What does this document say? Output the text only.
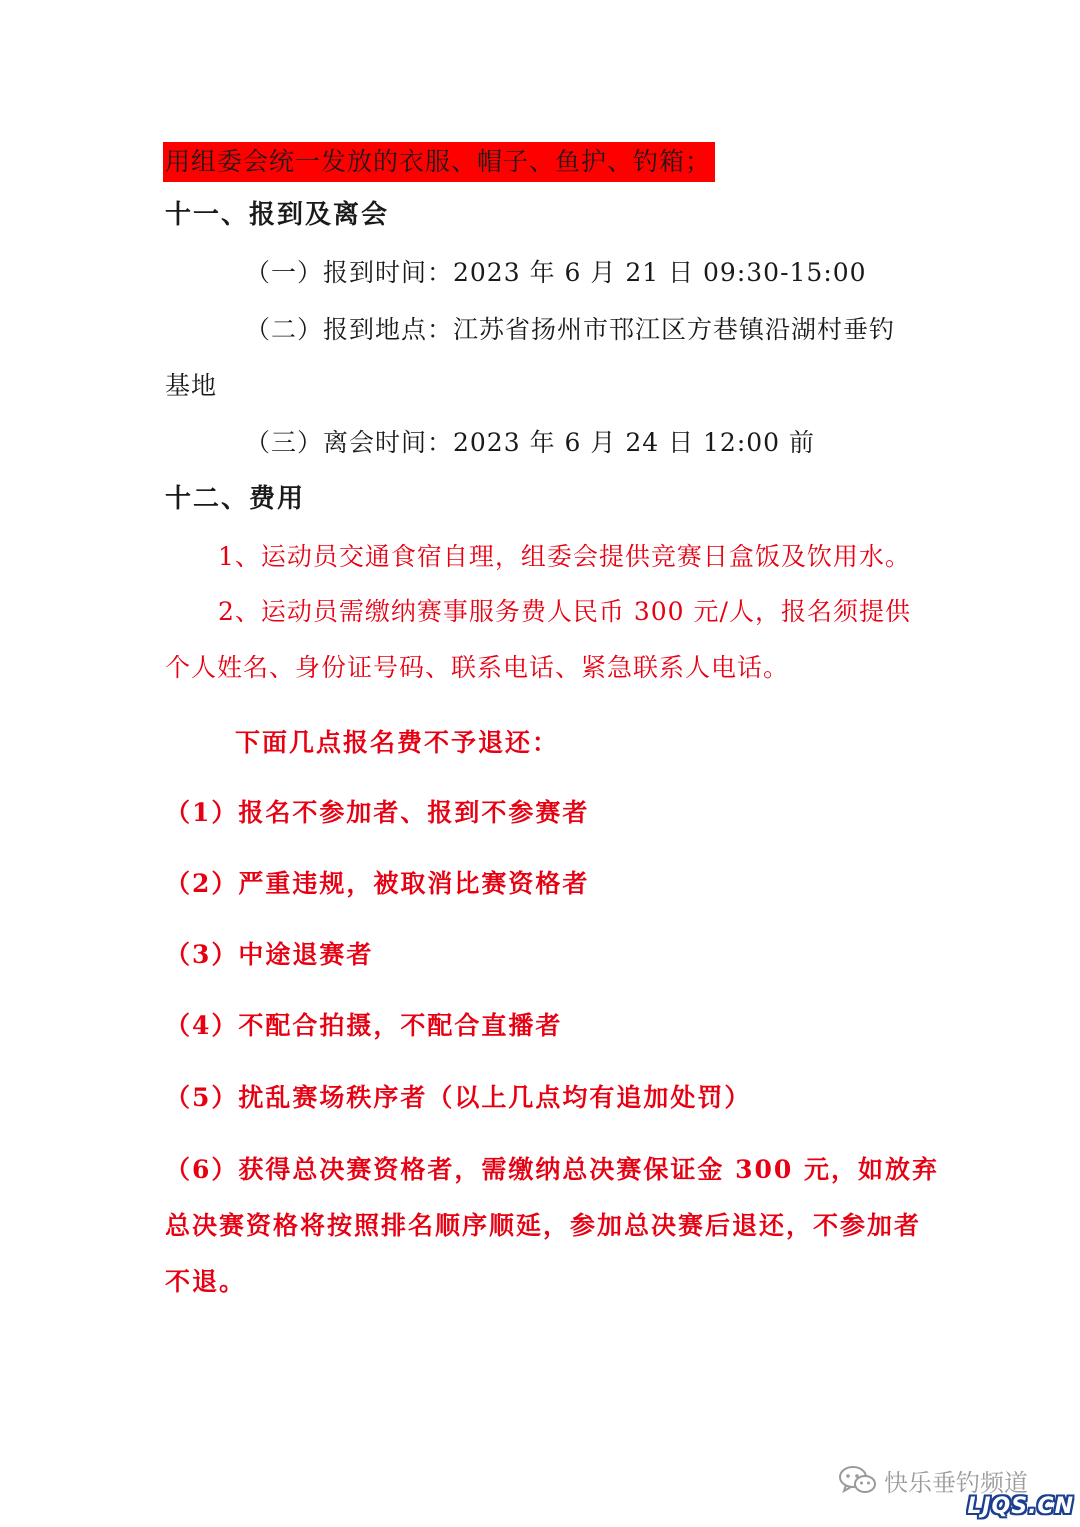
用组委会统一发放的衣服、帽子、鱼护、钓箱；
十一、报到及离会
（一）报到时间：2023 年 6 月 21 日 09:30-15:00
（二）报到地点：江苏省扬州市邗江区方巷镇沿湖村垂钓
基地
（三）离会时间：2023 年 6 月 24 日 12:00 前
十二、费用
1、运动员交通食宿自理，组委会提供竞赛日盒饭及饮用水。
2、运动员需缴纳赛事服务费人民币 300 元/人，报名须提供
个人姓名、身份证号码、联系电话、紧急联系人电话。
下面几点报名费不予退还：
（1）报名不参加者、报到不参赛者
（2）严重违规，被取消比赛资格者
（3）中途退赛者
（4）不配合拍摄，不配合直播者
（5）扰乱赛场秩序者（以上几点均有追加处罚）
（6）获得总决赛资格者，需缴纳总决赛保证金 300 元，如放弃
总决赛资格将按照排名顺序顺延，参加总决赛后退还，不参加者
不退。
快乐垂钓频道
LJQS.CN
